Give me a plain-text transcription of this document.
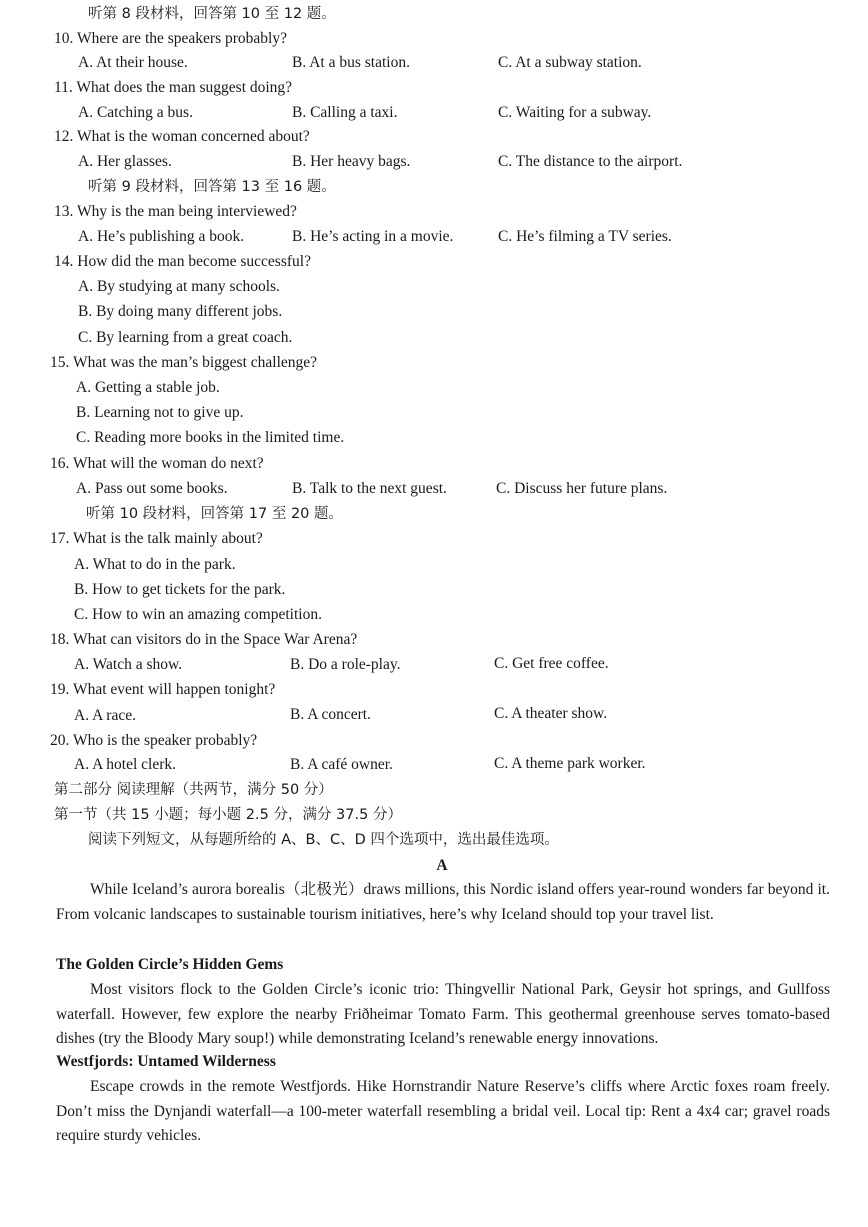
听第 8 段材料，回答第 10 至 12 题。
10. Where are the speakers probably?
A. At their house.	B. At a bus station.	C. At a subway station.
11. What does the man suggest doing?
A. Catching a bus.	B. Calling a taxi.	C. Waiting for a subway.
12. What is the woman concerned about?
A. Her glasses.	B. Her heavy bags.	C. The distance to the airport.
听第 9 段材料，回答第 13 至 16 题。
13. Why is the man being interviewed?
A. He’s publishing a book.	B. He’s acting in a movie.	C. He’s filming a TV series.
14. How did the man become successful?
A. By studying at many schools.
B. By doing many different jobs.
C. By learning from a great coach.
15. What was the man’s biggest challenge?
A. Getting a stable job.
B. Learning not to give up.
C. Reading more books in the limited time.
16. What will the woman do next?
A. Pass out some books.	B. Talk to the next guest.	C. Discuss her future plans.
听第 10 段材料，回答第 17 至 20 题。
17. What is the talk mainly about?
A. What to do in the park.
B. How to get tickets for the park.
C. How to win an amazing competition.
18. What can visitors do in the Space War Arena?
A. Watch a show.	B. Do a role-play.	C. Get free coffee.
19. What event will happen tonight?
A. A race.	B. A concert.	C. A theater show.
20. Who is the speaker probably?
A. A hotel clerk.	B. A café owner.	C. A theme park worker.
第二部分 阅读理解（共两节，满分 50 分）
第一节（共 15 小题；每小题 2.5 分，满分 37.5 分）
阅读下列短文，从每题所给的 A、B、C、D 四个选项中，选出最佳选项。
A
While Iceland’s aurora borealis（北极光）draws millions, this Nordic island offers year-round wonders far beyond it. From volcanic landscapes to sustainable tourism initiatives, here’s why Iceland should top your travel list.
The Golden Circle’s Hidden Gems
Most visitors flock to the Golden Circle’s iconic trio: Thingvellir National Park, Geysir hot springs, and Gullfoss waterfall. However, few explore the nearby Friðheimar Tomato Farm. This geothermal greenhouse serves tomato-based dishes (try the Bloody Mary soup!) while demonstrating Iceland’s renewable energy innovations.
Westfjords: Untamed Wilderness
Escape crowds in the remote Westfjords. Hike Hornstrandir Nature Reserve’s cliffs where Arctic foxes roam freely. Don’t miss the Dynjandi waterfall—a 100-meter waterfall resembling a bridal veil. Local tip: Rent a 4x4 car; gravel roads require sturdy vehicles.
